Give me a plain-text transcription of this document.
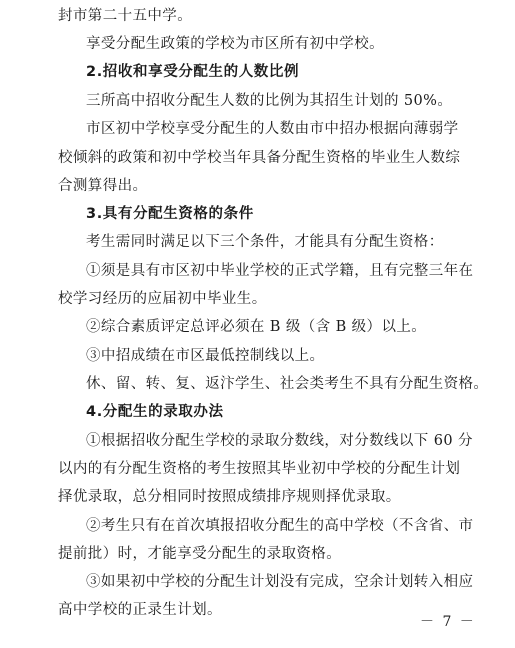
封市第二十五中学。
享受分配生政策的学校为市区所有初中学校。
2.招收和享受分配生的人数比例
三所高中招收分配生人数的比例为其招生计划的 50%。
市区初中学校享受分配生的人数由市中招办根据向薄弱学
校倾斜的政策和初中学校当年具备分配生资格的毕业生人数综
合测算得出。
3.具有分配生资格的条件
考生需同时满足以下三个条件，才能具有分配生资格：
①须是具有市区初中毕业学校的正式学籍，且有完整三年在
校学习经历的应届初中毕业生。
②综合素质评定总评必须在 B 级（含 B 级）以上。
③中招成绩在市区最低控制线以上。
休、留、转、复、返汴学生、社会类考生不具有分配生资格。
4.分配生的录取办法
①根据招收分配生学校的录取分数线，对分数线以下 60 分
以内的有分配生资格的考生按照其毕业初中学校的分配生计划
择优录取，总分相同时按照成绩排序规则择优录取。
②考生只有在首次填报招收分配生的高中学校（不含省、市
提前批）时，才能享受分配生的录取资格。
③如果初中学校的分配生计划没有完成，空余计划转入相应
高中学校的正录生计划。
－ 7 －
